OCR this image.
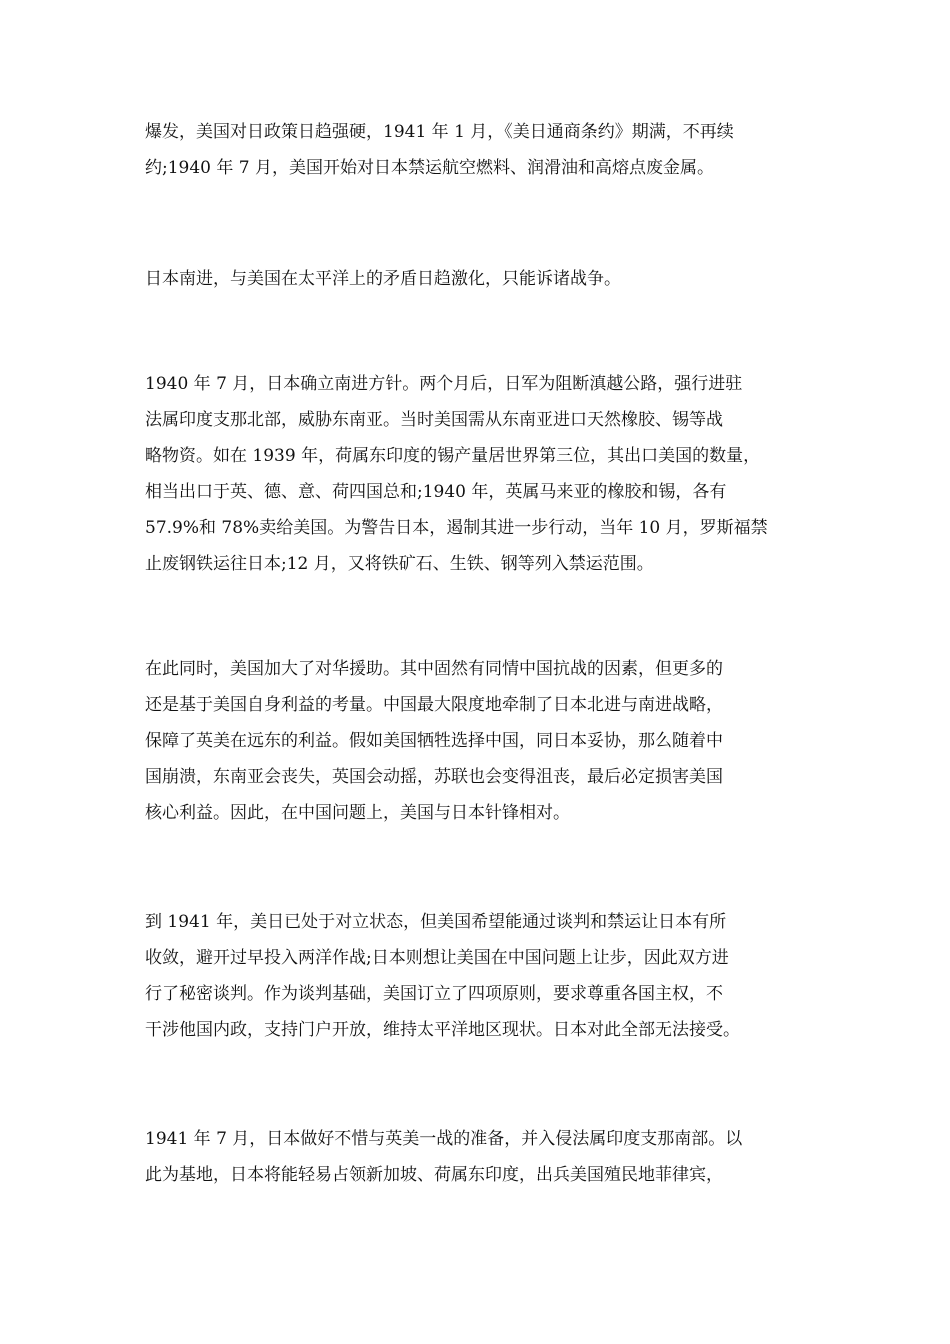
爆发，美国对日政策日趋强硬，1941 年 1 月，《美日通商条约》期满，不再续
约;1940 年 7 月，美国开始对日本禁运航空燃料、润滑油和高熔点废金属。

日本南进，与美国在太平洋上的矛盾日趋激化，只能诉诸战争。

1940 年 7 月，日本确立南进方针。两个月后，日军为阻断滇越公路，强行进驻
法属印度支那北部，威胁东南亚。当时美国需从东南亚进口天然橡胶、锡等战
略物资。如在 1939 年，荷属东印度的锡产量居世界第三位，其出口美国的数量，
相当出口于英、德、意、荷四国总和;1940 年，英属马来亚的橡胶和锡，各有
57.9%和 78%卖给美国。为警告日本，遏制其进一步行动，当年 10 月，罗斯福禁
止废钢铁运往日本;12 月，又将铁矿石、生铁、钢等列入禁运范围。

在此同时，美国加大了对华援助。其中固然有同情中国抗战的因素，但更多的
还是基于美国自身利益的考量。中国最大限度地牵制了日本北进与南进战略，
保障了英美在远东的利益。假如美国牺牲选择中国，同日本妥协，那么随着中
国崩溃，东南亚会丧失，英国会动摇，苏联也会变得沮丧，最后必定损害美国
核心利益。因此，在中国问题上，美国与日本针锋相对。

到 1941 年，美日已处于对立状态，但美国希望能通过谈判和禁运让日本有所
收敛，避开过早投入两洋作战;日本则想让美国在中国问题上让步，因此双方进
行了秘密谈判。作为谈判基础，美国订立了四项原则，要求尊重各国主权，不
干涉他国内政，支持门户开放，维持太平洋地区现状。日本对此全部无法接受。

1941 年 7 月，日本做好不惜与英美一战的准备，并入侵法属印度支那南部。以
此为基地，日本将能轻易占领新加坡、荷属东印度，出兵美国殖民地菲律宾，
